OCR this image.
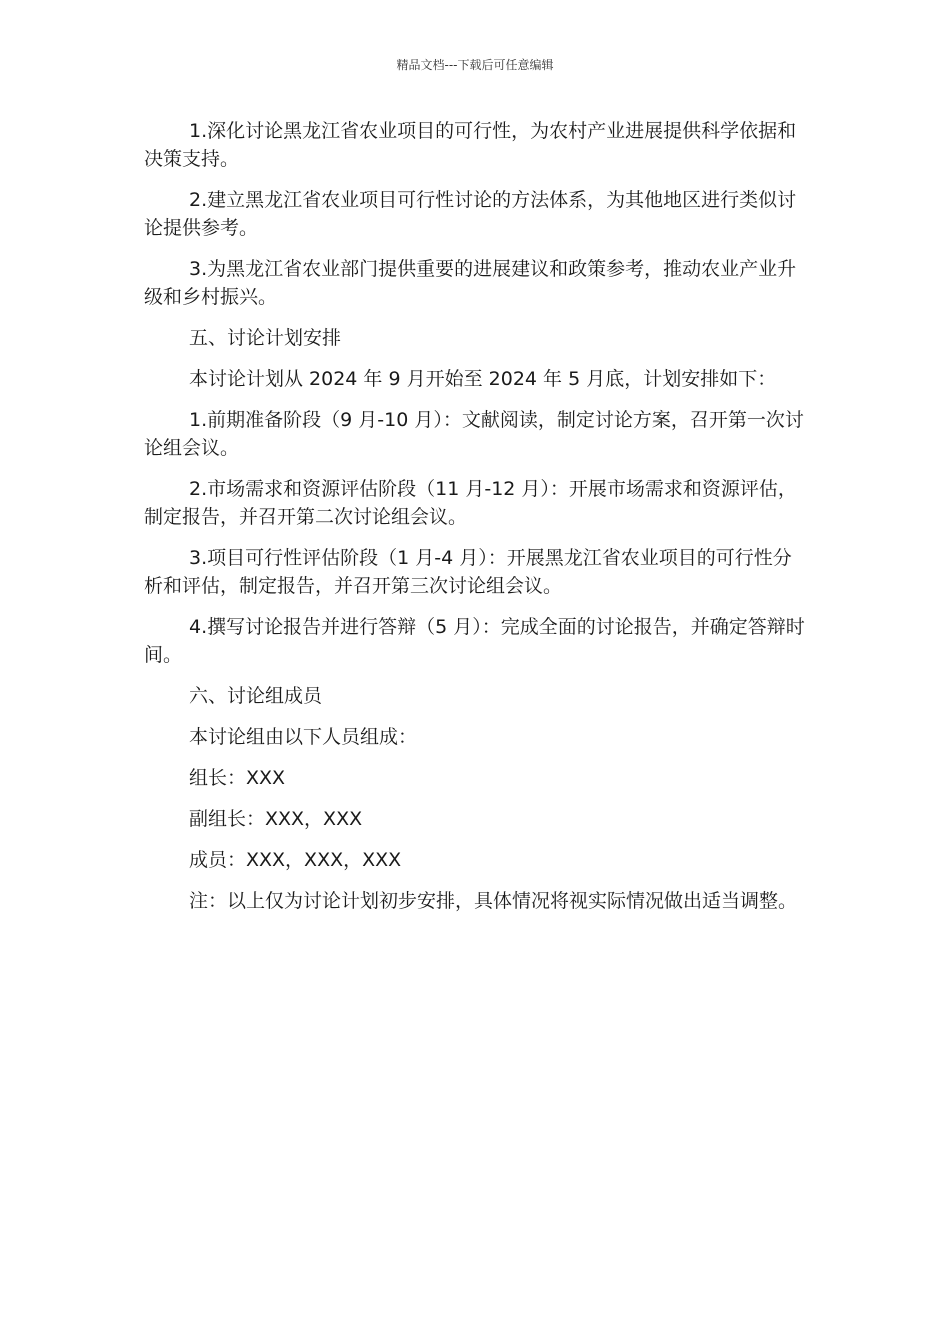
精品文档---下载后可任意编辑

1.深化讨论黑龙江省农业项目的可行性，为农村产业进展提供科学依据和决策支持。

2.建立黑龙江省农业项目可行性讨论的方法体系，为其他地区进行类似讨论提供参考。

3.为黑龙江省农业部门提供重要的进展建议和政策参考，推动农业产业升级和乡村振兴。

五、讨论计划安排

本讨论计划从 2024 年 9 月开始至 2024 年 5 月底，计划安排如下：

1.前期准备阶段（9 月-10 月）：文献阅读，制定讨论方案，召开第一次讨论组会议。

2.市场需求和资源评估阶段（11 月-12 月）：开展市场需求和资源评估，制定报告，并召开第二次讨论组会议。

3.项目可行性评估阶段（1 月-4 月）：开展黑龙江省农业项目的可行性分析和评估，制定报告，并召开第三次讨论组会议。

4.撰写讨论报告并进行答辩（5 月）：完成全面的讨论报告，并确定答辩时间。

六、讨论组成员

本讨论组由以下人员组成：

组长：XXX

副组长：XXX，XXX

成员：XXX，XXX，XXX

注：以上仅为讨论计划初步安排，具体情况将视实际情况做出适当调整。
